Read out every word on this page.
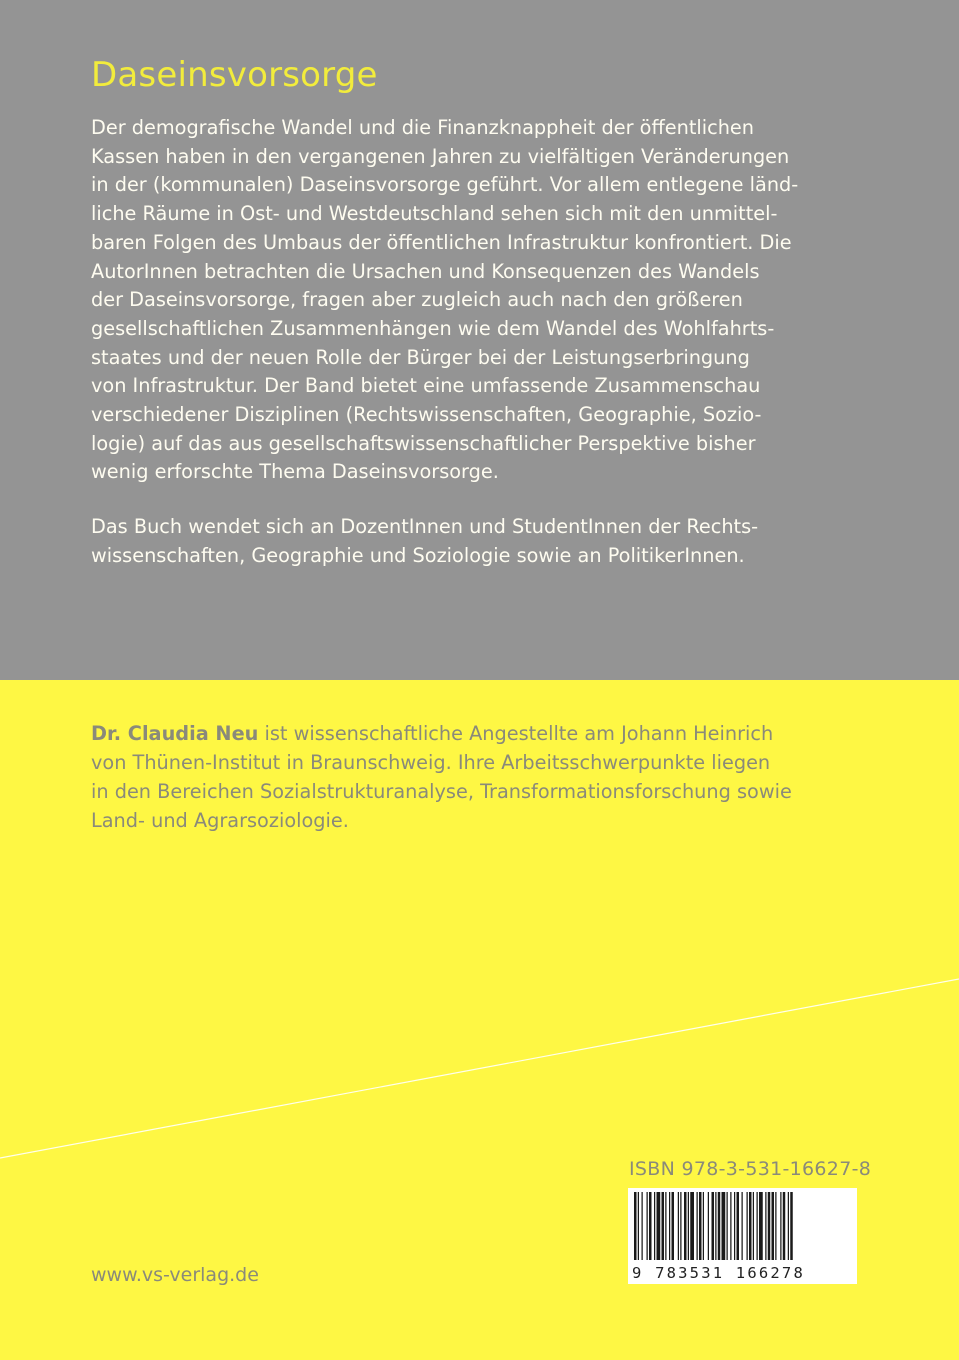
Daseinsvorsorge
Der demografische Wandel und die Finanzknappheit der öffentlichen
Kassen haben in den vergangenen Jahren zu vielfältigen Veränderungen
in der (kommunalen) Daseinsvorsorge geführt. Vor allem entlegene länd-
liche Räume in Ost- und Westdeutschland sehen sich mit den unmittel-
baren Folgen des Umbaus der öffentlichen Infrastruktur konfrontiert. Die
AutorInnen betrachten die Ursachen und Konsequenzen des Wandels
der Daseinsvorsorge, fragen aber zugleich auch nach den größeren
gesellschaftlichen Zusammenhängen wie dem Wandel des Wohlfahrts-
staates und der neuen Rolle der Bürger bei der Leistungserbringung
von Infrastruktur. Der Band bietet eine umfassende Zusammenschau
verschiedener Disziplinen (Rechtswissenschaften, Geographie, Sozio-
logie) auf das aus gesellschaftswissenschaftlicher Perspektive bisher
wenig erforschte Thema Daseinsvorsorge.
Das Buch wendet sich an DozentInnen und StudentInnen der Rechts-
wissenschaften, Geographie und Soziologie sowie an PolitikerInnen.
Dr. Claudia Neu ist wissenschaftliche Angestellte am Johann Heinrich
von Thünen-Institut in Braunschweig. Ihre Arbeitsschwerpunkte liegen
in den Bereichen Sozialstrukturanalyse, Transformationsforschung sowie
Land- und Agrarsoziologie.
ISBN 978-3-531-16627-8
9 783531 166278
www.vs-verlag.de
